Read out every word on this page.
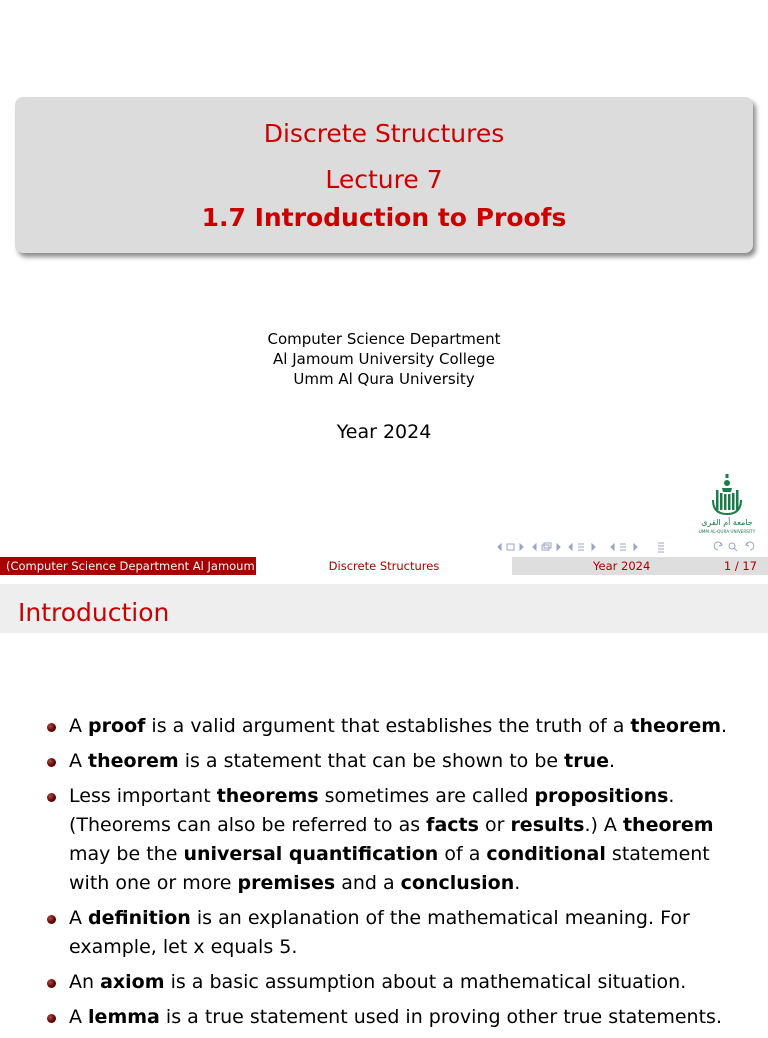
Discrete Structures
Lecture 7
1.7 Introduction to Proofs
Computer Science Department
Al Jamoum University College
Umm Al Qura University
Year 2024
جامعة أم القرى
UMM AL-QURA UNIVERSITY
(Computer Science Department Al Jamoum	Discrete Structures	Year 2024	1 / 17
Introduction
A proof is a valid argument that establishes the truth of a theorem.
A theorem is a statement that can be shown to be true.
Less important theorems sometimes are called propositions. (Theorems can also be referred to as facts or results.) A theorem may be the universal quantification of a conditional statement with one or more premises and a conclusion.
A definition is an explanation of the mathematical meaning. For example, let x equals 5.
An axiom is a basic assumption about a mathematical situation.
A lemma is a true statement used in proving other true statements.
